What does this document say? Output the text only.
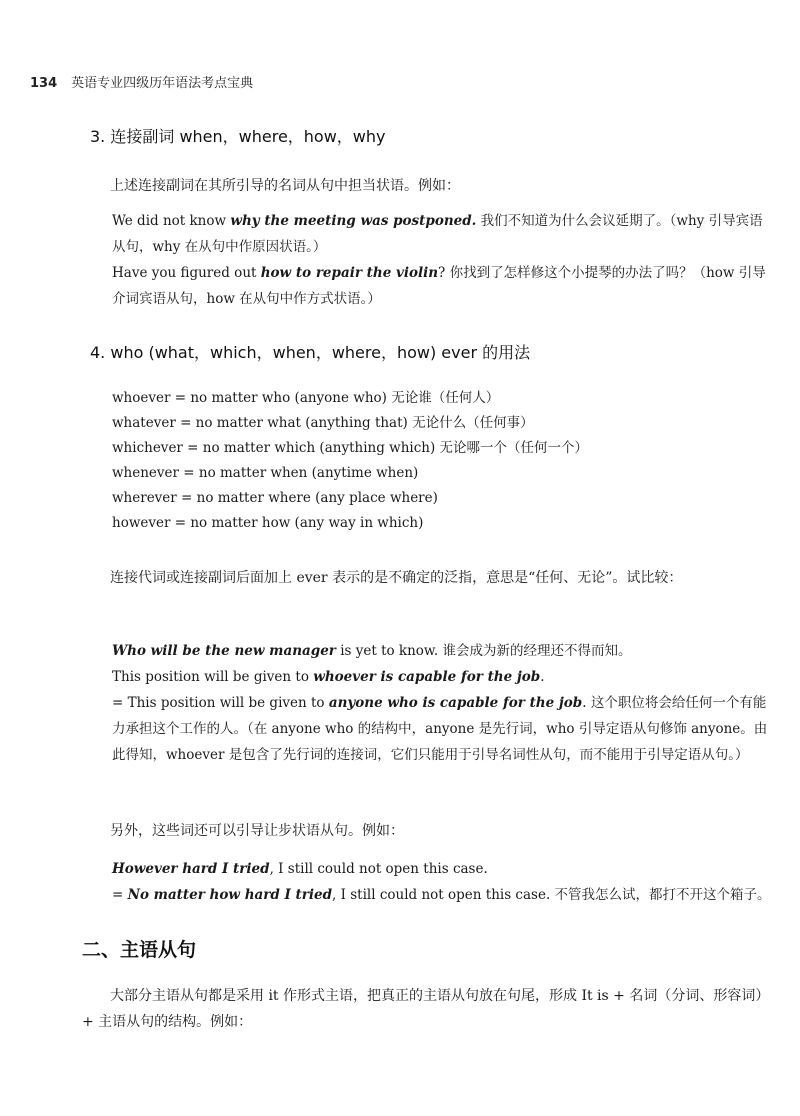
134 英语专业四级历年语法考点宝典
3. 连接副词 when，where，how，why
上述连接副词在其所引导的名词从句中担当状语。例如：

We did not know why the meeting was postponed. 我们不知道为什么会议延期了。（why 引导宾语从句，why 在从句中作原因状语。）

Have you figured out how to repair the violin? 你找到了怎样修这个小提琴的办法了吗？（how 引导介词宾语从句，how 在从句中作方式状语。）

4. who (what，which，when，where，how) ever 的用法

whoever = no matter who (anyone who) 无论谁（任何人）

whatever = no matter what (anything that) 无论什么（任何事）

whichever = no matter which (anything which) 无论哪一个（任何一个）

whenever = no matter when (anytime when)

wherever = no matter where (any place where)

however = no matter how (any way in which)

连接代词或连接副词后面加上 ever 表示的是不确定的泛指，意思是“任何、无论”。试比较：

Who will be the new manager is yet to know. 谁会成为新的经理还不得而知。

This position will be given to whoever is capable for the job.

= This position will be given to anyone who is capable for the job. 这个职位将会给任何一个有能力承担这个工作的人。（在 anyone who 的结构中，anyone 是先行词，who 引导定语从句修饰 anyone。由此得知，whoever 是包含了先行词的连接词，它们只能用于引导名词性从句，而不能用于引导定语从句。）

另外，这些词还可以引导让步状语从句。例如：

However hard I tried, I still could not open this case.

= No matter how hard I tried, I still could not open this case. 不管我怎么试，都打不开这个箱子。

二、主语从句
大部分主语从句都是采用 it 作形式主语，把真正的主语从句放在句尾，形成 It is + 名词（分词、形容词）+ 主语从句的结构。例如：
